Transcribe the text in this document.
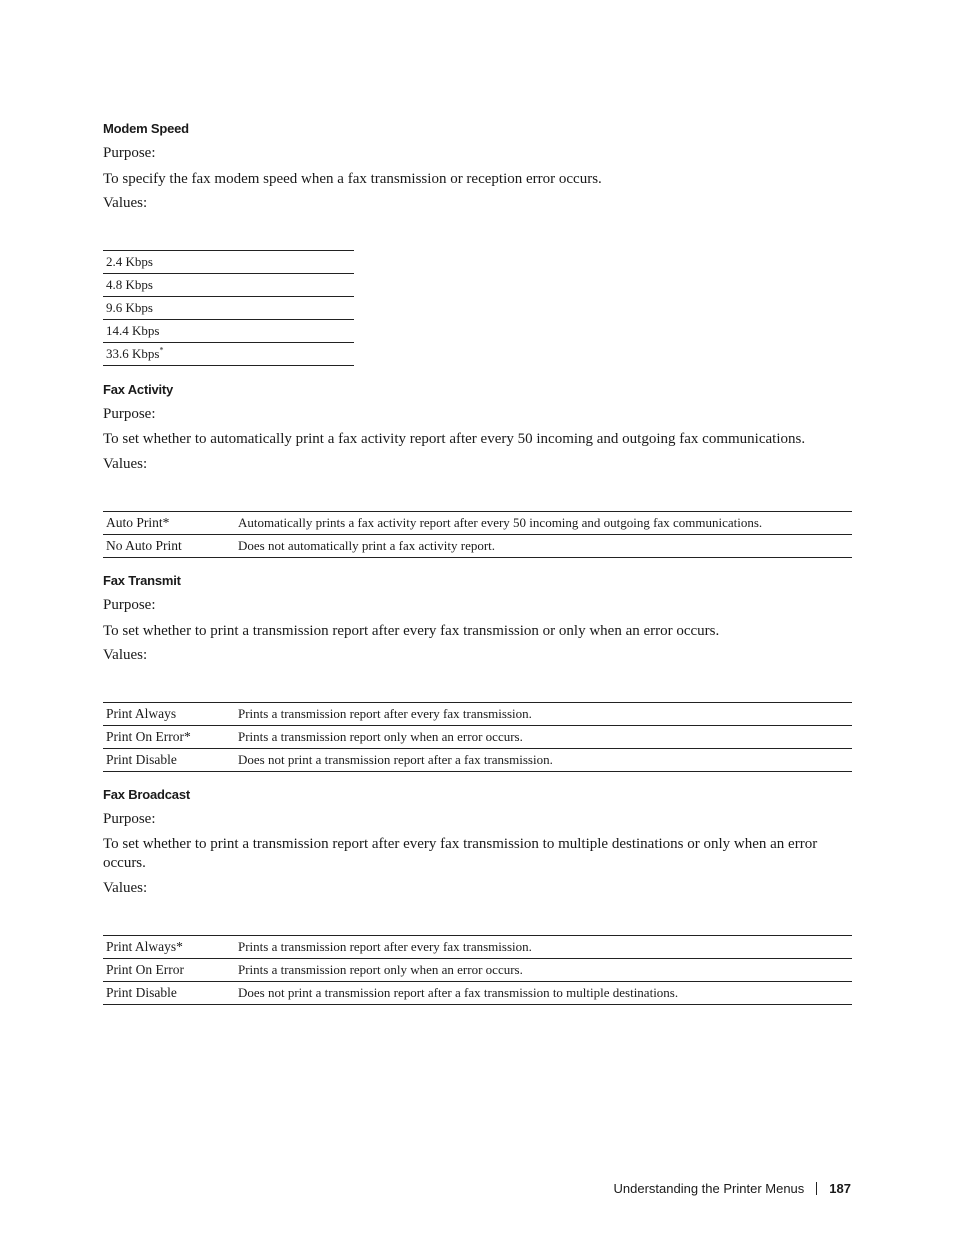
Modem Speed

Purpose:

To specify the fax modem speed when a fax transmission or reception error occurs.

Values:

2.4 Kbps
4.8 Kbps
9.6 Kbps
14.4 Kbps
33.6 Kbps*
Fax Activity

Purpose:

To set whether to automatically print a fax activity report after every 50 incoming and outgoing fax communications.

Values:

Auto Print*	Automatically prints a fax activity report after every 50 incoming and outgoing fax communications.
No Auto Print	Does not automatically print a fax activity report.
Fax Transmit

Purpose:

To set whether to print a transmission report after every fax transmission or only when an error occurs.

Values:

Print Always	Prints a transmission report after every fax transmission.
Print On Error*	Prints a transmission report only when an error occurs.
Print Disable	Does not print a transmission report after a fax transmission.
Fax Broadcast

Purpose:

To set whether to print a transmission report after every fax transmission to multiple destinations or only when an error occurs.

Values:

Print Always*	Prints a transmission report after every fax transmission.
Print On Error	Prints a transmission report only when an error occurs.
Print Disable	Does not print a transmission report after a fax transmission to multiple destinations.
Understanding the Printer Menus 187
